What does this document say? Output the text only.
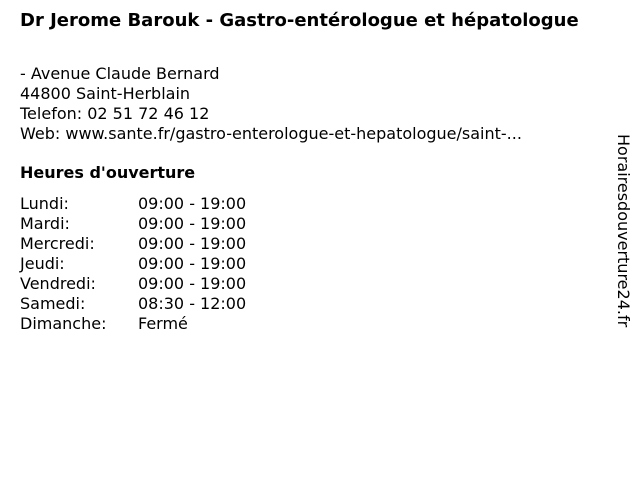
Dr Jerome Barouk - Gastro-entérologue et hépatologue
- Avenue Claude Bernard
44800 Saint-Herblain
Telefon: 02 51 72 46 12
Web: www.sante.fr/gastro-enterologue-et-hepatologue/saint-...
Heures d'ouverture
Lundi:	09:00 - 19:00
Mardi:	09:00 - 19:00
Mercredi:	09:00 - 19:00
Jeudi:	09:00 - 19:00
Vendredi:	09:00 - 19:00
Samedi:	08:30 - 12:00
Dimanche:	Fermé	Horairesdouverture24.fr
